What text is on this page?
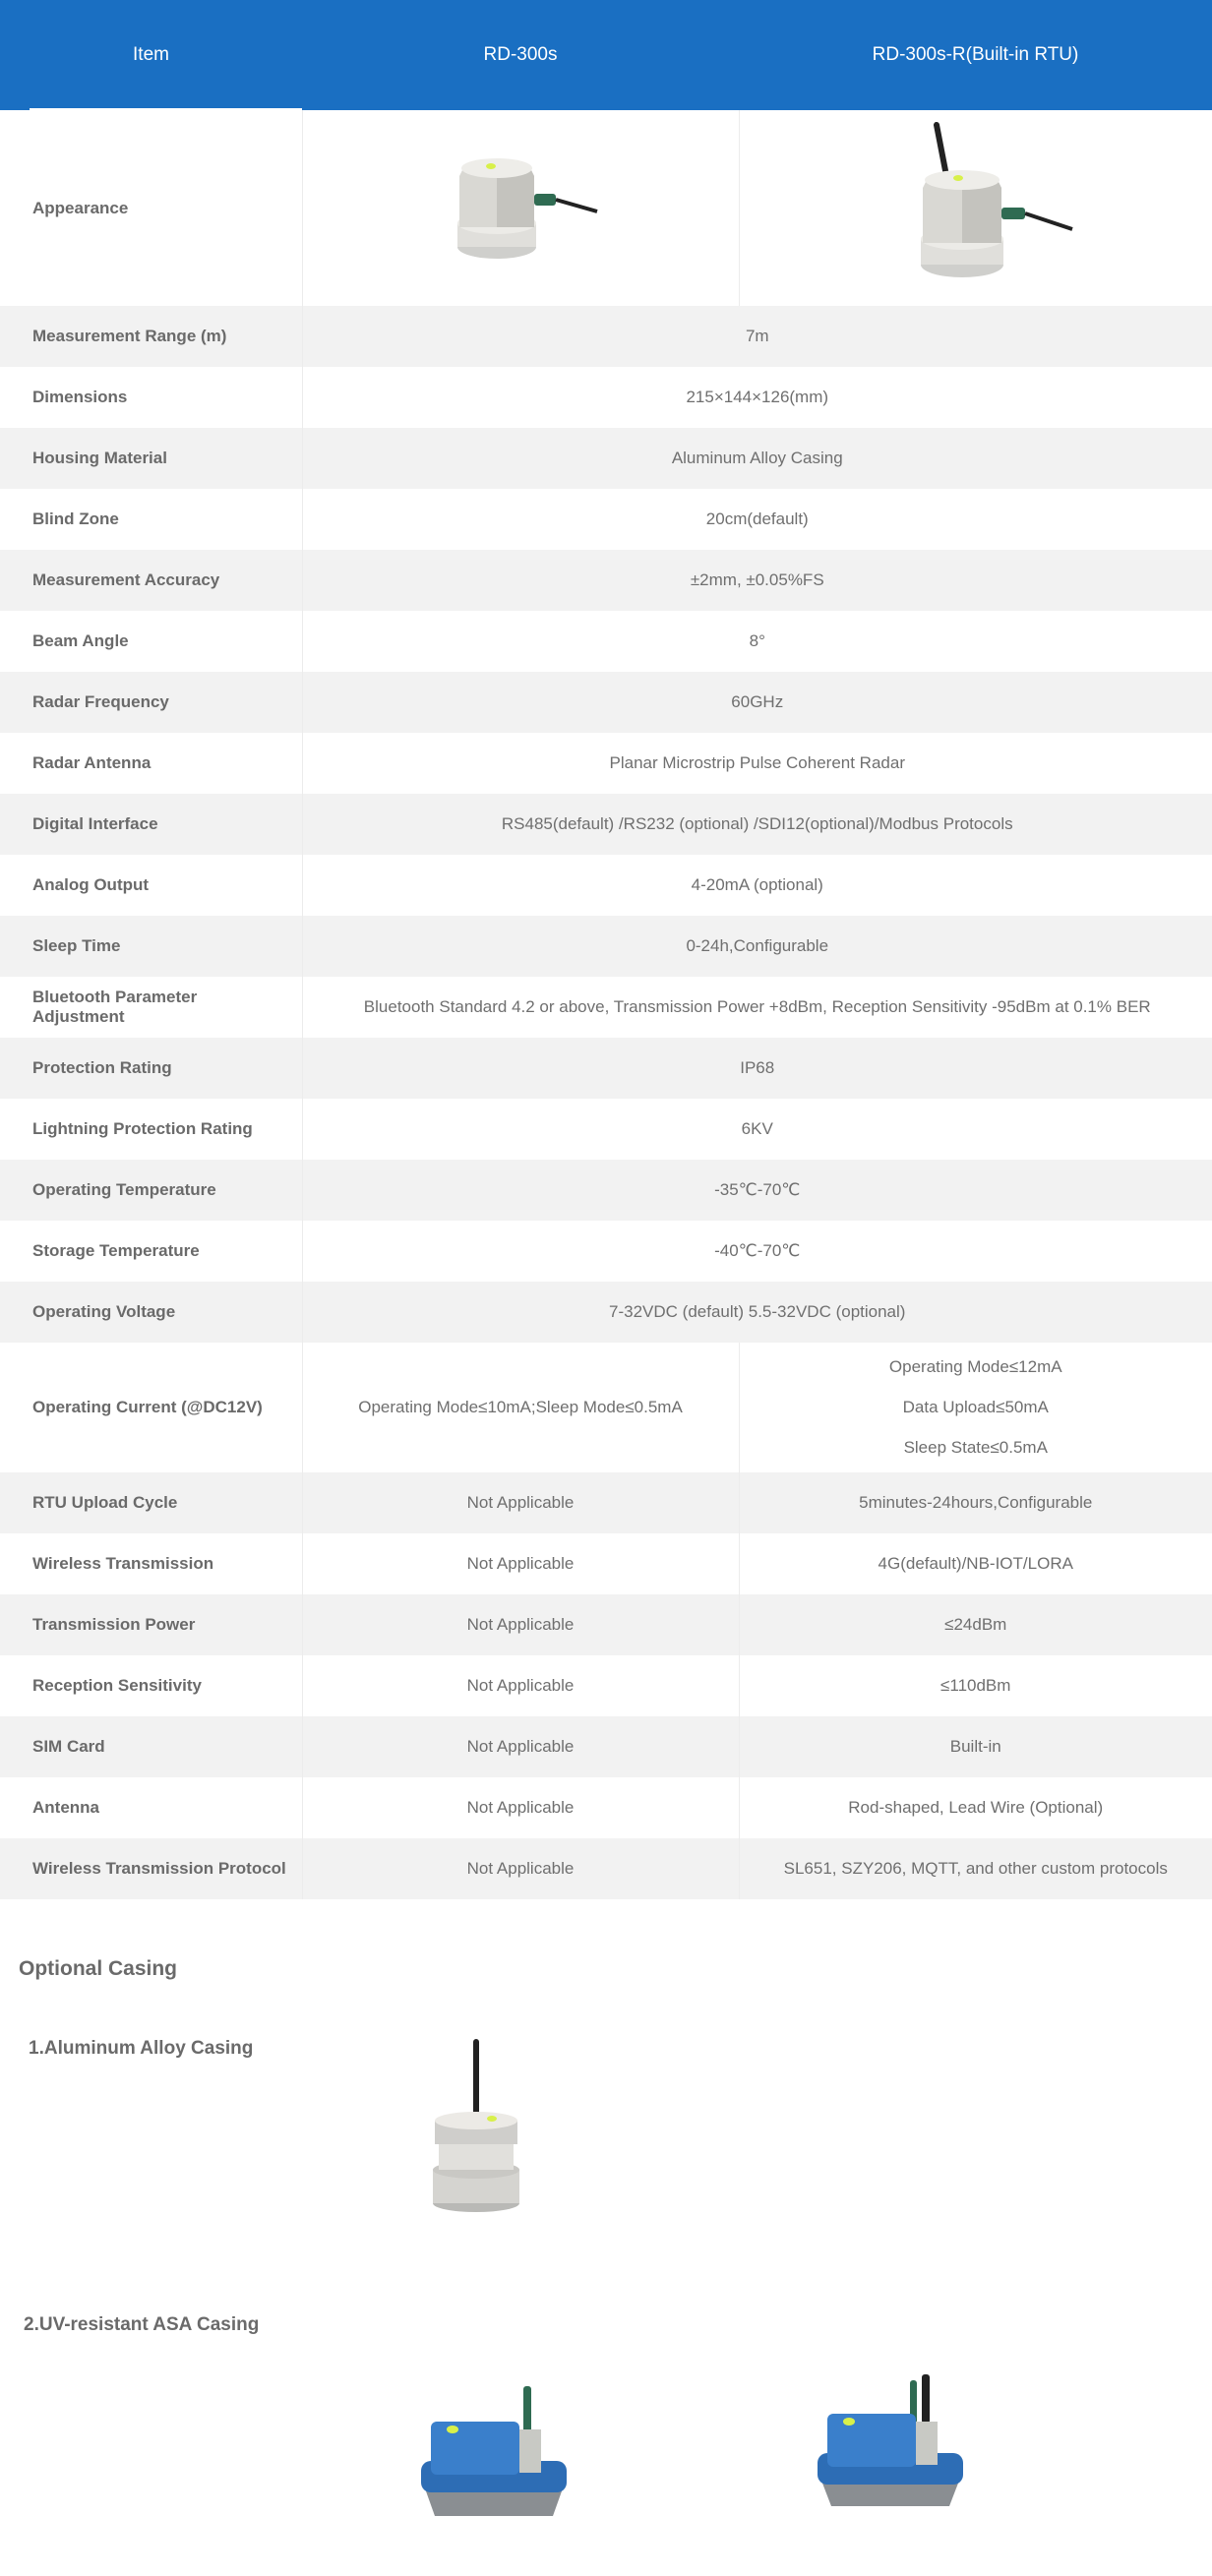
Item	RD-300s	RD-300s-R(Built-in RTU)
Appearance		
Measurement Range (m)	7m	
Dimensions	215×144×126(mm)	
Housing Material	Aluminum Alloy Casing	
Blind Zone	20cm(default)	
Measurement Accuracy	±2mm, ±0.05%FS	
Beam Angle	8°	
Radar Frequency	60GHz	
Radar Antenna	Planar Microstrip Pulse Coherent Radar	
Digital Interface	RS485(default) /RS232 (optional) /SDI12(optional)/Modbus Protocols	
Analog Output	4-20mA (optional)	
Sleep Time	0-24h,Configurable	
Bluetooth Parameter Adjustment	Bluetooth Standard 4.2 or above, Transmission Power +8dBm, Reception Sensitivity -95dBm at 0.1% BER	
Protection Rating	IP68	
Lightning Protection Rating	6KV	
Operating Temperature	-35℃-70℃	
Storage Temperature	-40℃-70℃	
Operating Voltage	7-32VDC (default) 5.5-32VDC (optional)	
Operating Current (@DC12V)	Operating Mode≤10mA;Sleep Mode≤0.5mA	Operating Mode≤12mA
Data Upload≤50mA
Sleep State≤0.5mA

RTU Upload Cycle	Not Applicable	5minutes-24hours,Configurable
Wireless Transmission	Not Applicable	4G(default)/NB-IOT/LORA
Transmission Power	Not Applicable	≤24dBm
Reception Sensitivity	Not Applicable	≤110dBm
SIM Card	Not Applicable	Built-in
Antenna	Not Applicable	Rod-shaped, Lead Wire (Optional)
Wireless Transmission Protocol	Not Applicable	SL651, SZY206, MQTT, and other custom protocols
Optional Casing
1.Aluminum Alloy Casing
2.UV-resistant ASA Casing
